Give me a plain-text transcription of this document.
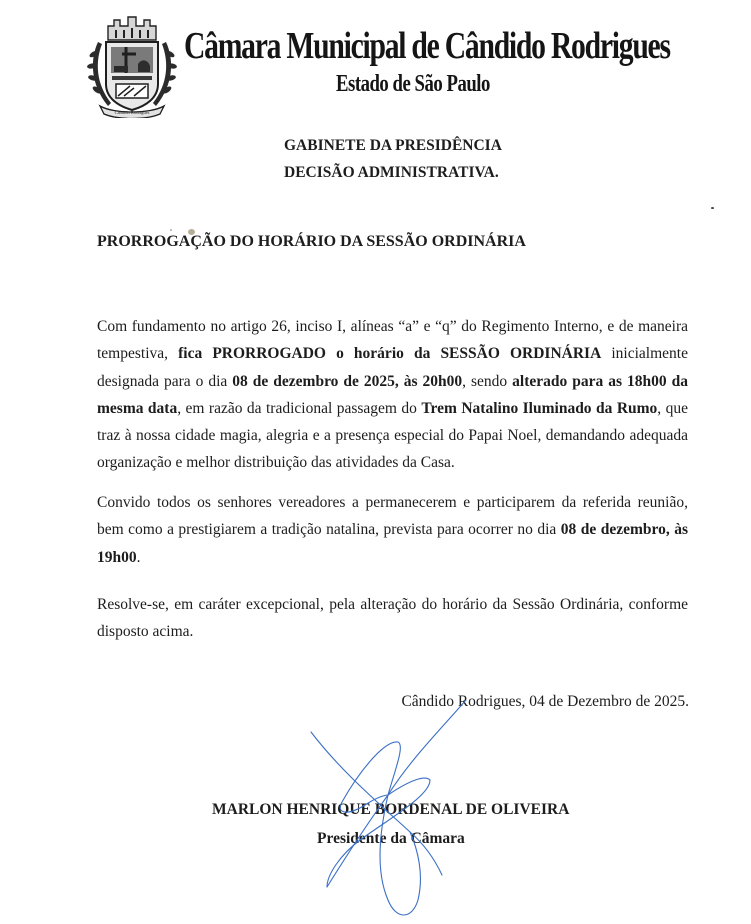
Cândido Rodrigues
Câmara Municipal de Cândido Rodrigues
Estado de São Paulo
GABINETE DA PRESIDÊNCIA
DECISÃO ADMINISTRATIVA.
PRORROGAÇÃO DO HORÁRIO DA SESSÃO ORDINÁRIA
Com fundamento no artigo 26, inciso I, alíneas “a” e “q” do Regimento Interno, e de maneira tempestiva, fica PRORROGADO o horário da SESSÃO ORDINÁRIA inicialmente designada para o dia 08 de dezembro de 2025, às 20h00, sendo alterado para as 18h00 da mesma data, em razão da tradicional passagem do Trem Natalino Iluminado da Rumo, que traz à nossa cidade magia, alegria e a presença especial do Papai Noel, demandando adequada organização e melhor distribuição das atividades da Casa.
Convido todos os senhores vereadores a permanecerem e participarem da referida reunião, bem como a prestigiarem a tradição natalina, prevista para ocorrer no dia 08 de dezembro, às 19h00.
Resolve-se, em caráter excepcional, pela alteração do horário da Sessão Ordinária, conforme disposto acima.
Cândido Rodrigues, 04 de Dezembro de 2025.
MARLON HENRIQUE BORDENAL DE OLIVEIRA
Presidente da Câmara
